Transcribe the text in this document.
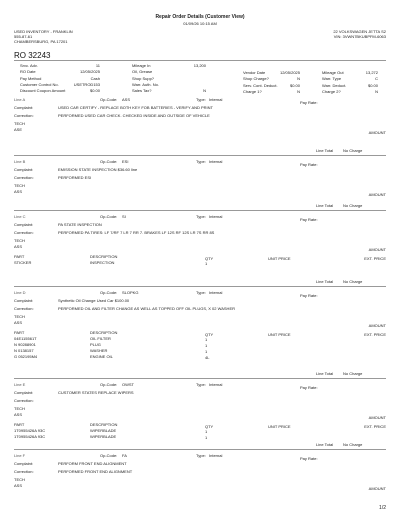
Repair Order Details (Customer View)
01/09/26 10:15 AM
USED INVENTORY - FRANKLIN
555-87-61
CHAMBERSBURG, PA 17201
22 VOLKSWAGEN JETTA S2
VIN: 3VWN7BKUBPFM-6063
RO 32243
Srvc. Adv.	11
RO Date	12/05/2025
Pay Method	Cash
Customer Control No.	USETROD153
Discount Coupon Amount	$0.00
Mileage In	13,200
Oil, Grease
Shop Supp?
Warr. Auth. No.
Sales Tax?	N
Vendor Date	12/05/2025
Shop Charge?	N
Serv. Cont. Deduct.	$0.00
Charge 1?	N
Mileage Out	13,272
Warr. Type	C
Warr. Deduct.	$0.00
Charge 2?	N
Line A	Op-Code: ASS	Type: Internal
Pay Rate:
Complaint:	USED CAR CERTIFY - REPLACE BOTH KEY FOB BATTERIES - VERIFY AND PRINT
Correction:	PERFORMED USED CAR CHECK. CHECKED INSIDE AND OUTSIDE OF VEHICLE
TECH
ASE
AMOUNT
Line Total No Charge
Line B	Op-Code: ESI	Type: Internal
Pay Rate:
Complaint:	EMISSION STATE INSPECTION $36.60 line
Correction:	PERFORMED ESI
TECH
ASS
AMOUNT
Line Total No Charge
Line C	Op-Code: SI	Type: Internal
Pay Rate:
Complaint:	PA STATE INSPECTION
Correction:	PERFORMED PA TIRES: LF 7/RF 7 LR 7 RR 7. BRAKES LF 12S RF 12S LR 7S RR 8S
TECH
ASS
AMOUNT
PART	DESCRIPTION	QTY	UNIT PRICE	EXT. PRICE
STICKER	INSPECTION	1
Line Total No Charge
Line D	Op-Code: SLOPKG	Type: Internal
Pay Rate:
Complaint:	Synthetic Oil Change Used Car $100.00
Correction:	PERFORMED OIL AND FILTER CHANGE AS WELL AS TOPPED OFF OIL PLUGS, X 02 WASHER
TECH
ASS
AMOUNT
PART	DESCRIPTION	QTY	UNIT PRICE	EXT. PRICE
04E115561T	OIL FILTER	1
N 90288901	PLUG	1
N 0138157	WASHER	1
G 052195M4	ENGINE OIL	4L
Line Total No Charge
Line E	Op-Code: OWST	Type: Internal
Pay Rate:
Complaint:	CUSTOMER STATES REPLACE WIPERS
Correction:
TECH
ASS
AMOUNT
PART	DESCRIPTION	QTY	UNIT PRICE	EXT. PRICE
1T0955426A 93C	WIPERBLADE	1
1T0955426A 93C	WIPERBLADE	1
Line Total No Charge
Line F	Op-Code: FA	Type: Internal
Pay Rate:
Complaint:	PERFORM FRONT END ALIGNMENT
Correction:	PERFORMED FRONT END ALIGNMENT
TECH
ASS
AMOUNT
1/2
